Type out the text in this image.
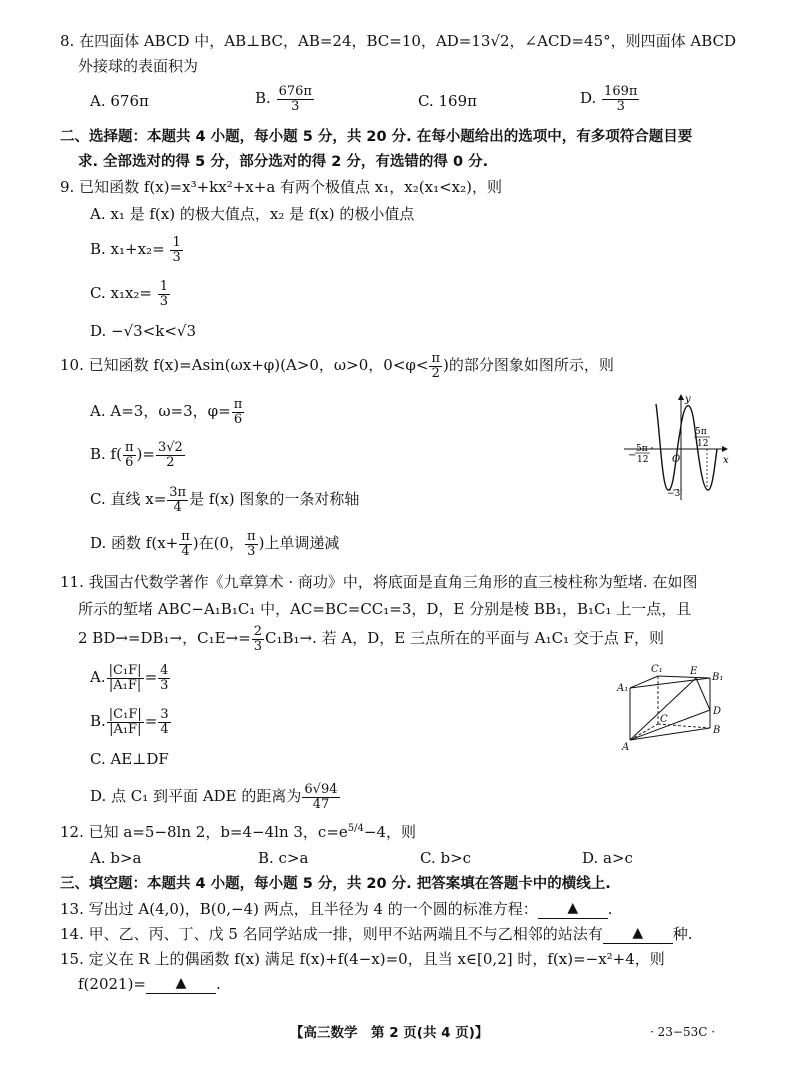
8. 在四面体 ABCD 中，AB⊥BC，AB=24，BC=10，AD=13√2，∠ACD=45°，则四面体 ABCD
外接球的表面积为
A. 676π	B. $\frac{676\pi}{3}$	C. 169π	D. $\frac{169\pi}{3}$
二、选择题：本题共 4 小题，每小题 5 分，共 20 分. 在每小题给出的选项中，有多项符合题目要
求. 全部选对的得 5 分，部分选对的得 2 分，有选错的得 0 分.
9. 已知函数 f(x)=x³+kx²+x+a 有两个极值点 x₁，x₂(x₁<x₂)，则
A. x₁ 是 f(x) 的极大值点，x₂ 是 f(x) 的极小值点
B. $x_1+x_2= \frac{1}{3}$
C. $x_1x_2= \frac{1}{3}$
D. −√3<k<√3
10. 已知函数 f(x)=Asin(ωx+φ)(A>0，ω>0，$0<\varphi< \frac{\pi}{2}$ )的部分图象如图所示，则
A. A=3，ω=3，$\varphi= \frac{\pi}{6}$
B. $f( \frac{\pi}{6}$ )= $\frac{3√2}{2}$
C. 直线 $x= \frac{3\pi}{4}$ 是 f(x) 图象的一条对称轴
D. 函数 $f(x+ \frac{\pi}{4}$ )在(0， $\frac{\pi}{3}$ )上单调递减
y
x
O
−
5π
12
5π
12
−3
11. 我国古代数学著作《九章算术 · 商功》中，将底面是直角三角形的直三棱柱称为堑堵. 在如图
所示的堑堵 ABC−A₁B₁C₁ 中，AC=BC=CC₁=3，D，E 分别是棱 BB₁，B₁C₁ 上一点，且
2 BD→=DB₁→，$C_1E\to= \frac{2}{3} C_1B_1\to$. 若 A，D，E 三点所在的平面与 A₁C₁ 交于点 F，则
A. $\frac{\text{|C₁F|}}{\text{|A₁F|}} = \frac{4}{3}$
B. $\frac{\text{|C₁F|}}{\text{|A₁F|}} = \frac{3}{4}$
C. AE⊥DF
D. 点 C₁ 到平面 ADE 的距离为 $\frac{6√94}{47}$
C₁	E
B₁
A₁
D
C
B
A
12. 已知 a=5−8ln 2，b=4−4ln 3，$c=e^{5/4}-4$，则
A. b>a	B. c>a	C. b>c	D. a>c
三、填空题：本题共 4 小题，每小题 5 分，共 20 分. 把答案填在答题卡中的横线上.
13. 写出过 A(4,0)，B(0,−4) 两点，且半径为 4 的一个圆的标准方程： ▲ .
14. 甲、乙、丙、丁、戊 5 名同学站成一排，则甲不站两端且不与乙相邻的站法有 ▲ 种.
15. 定义在 R 上的偶函数 f(x) 满足 f(x)+f(4−x)=0，且当 x∈[0,2] 时，f(x)=−x²+4，则
f(2021)= ▲ .
【高三数学　第 2 页(共 4 页)】	· 23−53C ·
